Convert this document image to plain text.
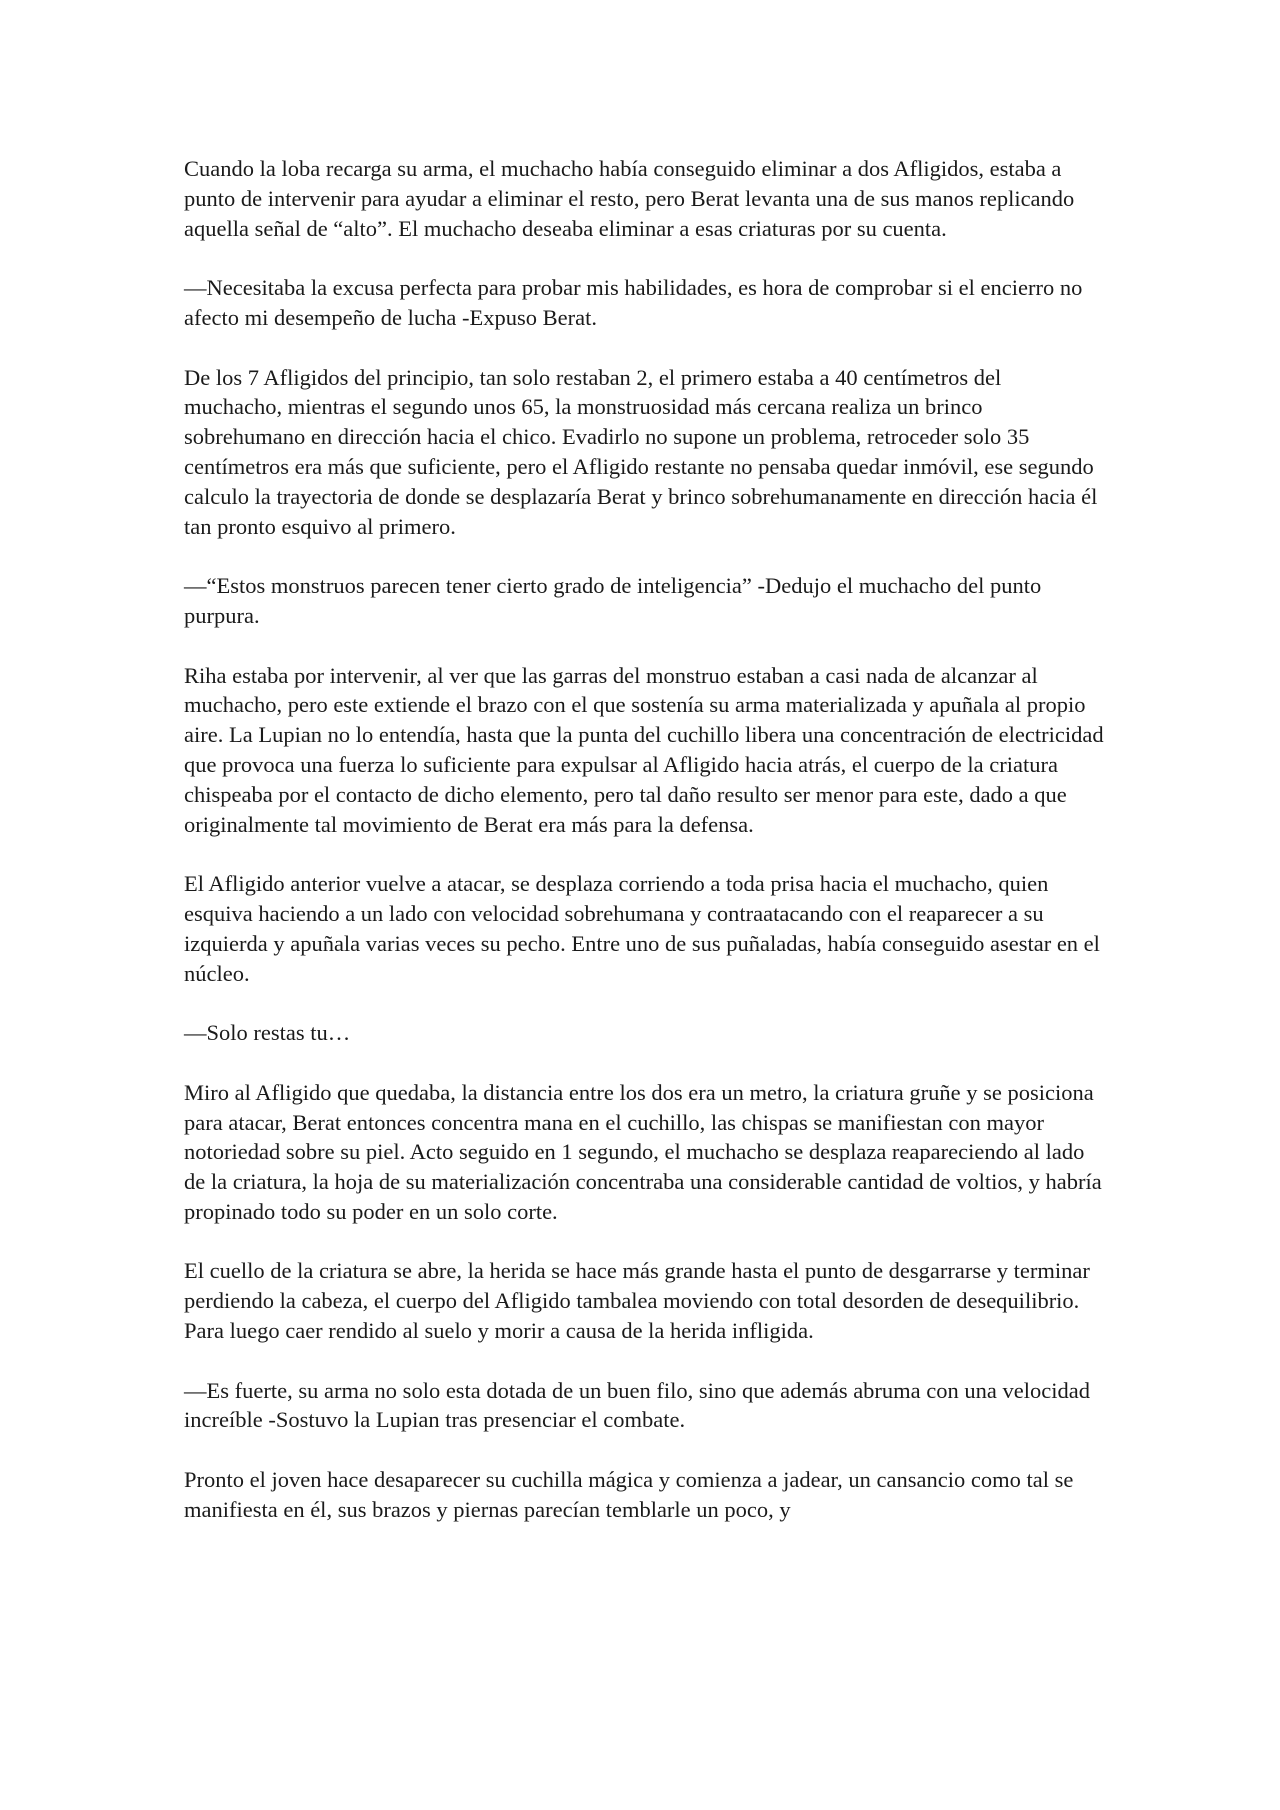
Cuando la loba recarga su arma, el muchacho había conseguido eliminar a dos Afligidos, estaba a punto de intervenir para ayudar a eliminar el resto, pero Berat levanta una de sus manos replicando aquella señal de “alto”. El muchacho deseaba eliminar a esas criaturas por su cuenta.

—Necesitaba la excusa perfecta para probar mis habilidades, es hora de comprobar si el encierro no afecto mi desempeño de lucha -Expuso Berat.

De los 7 Afligidos del principio, tan solo restaban 2, el primero estaba a 40 centímetros del muchacho, mientras el segundo unos 65, la monstruosidad más cercana realiza un brinco sobrehumano en dirección hacia el chico. Evadirlo no supone un problema, retroceder solo 35 centímetros era más que suficiente, pero el Afligido restante no pensaba quedar inmóvil, ese segundo calculo la trayectoria de donde se desplazaría Berat y brinco sobrehumanamente en dirección hacia él tan pronto esquivo al primero.

—“Estos monstruos parecen tener cierto grado de inteligencia” -Dedujo el muchacho del punto purpura.

Riha estaba por intervenir, al ver que las garras del monstruo estaban a casi nada de alcanzar al muchacho, pero este extiende el brazo con el que sostenía su arma materializada y apuñala al propio aire. La Lupian no lo entendía, hasta que la punta del cuchillo libera una concentración de electricidad que provoca una fuerza lo suficiente para expulsar al Afligido hacia atrás, el cuerpo de la criatura chispeaba por el contacto de dicho elemento, pero tal daño resulto ser menor para este, dado a que originalmente tal movimiento de Berat era más para la defensa.

El Afligido anterior vuelve a atacar, se desplaza corriendo a toda prisa hacia el muchacho, quien esquiva haciendo a un lado con velocidad sobrehumana y contraatacando con el reaparecer a su izquierda y apuñala varias veces su pecho. Entre uno de sus puñaladas, había conseguido asestar en el núcleo.

—Solo restas tu…

Miro al Afligido que quedaba, la distancia entre los dos era un metro, la criatura gruñe y se posiciona para atacar, Berat entonces concentra mana en el cuchillo, las chispas se manifiestan con mayor notoriedad sobre su piel. Acto seguido en 1 segundo, el muchacho se desplaza reapareciendo al lado de la criatura, la hoja de su materialización concentraba una considerable cantidad de voltios, y habría propinado todo su poder en un solo corte.

El cuello de la criatura se abre, la herida se hace más grande hasta el punto de desgarrarse y terminar perdiendo la cabeza, el cuerpo del Afligido tambalea moviendo con total desorden de desequilibrio. Para luego caer rendido al suelo y morir a causa de la herida infligida.

—Es fuerte, su arma no solo esta dotada de un buen filo, sino que además abruma con una velocidad increíble -Sostuvo la Lupian tras presenciar el combate.

Pronto el joven hace desaparecer su cuchilla mágica y comienza a jadear, un cansancio como tal se manifiesta en él, sus brazos y piernas parecían temblarle un poco, y
